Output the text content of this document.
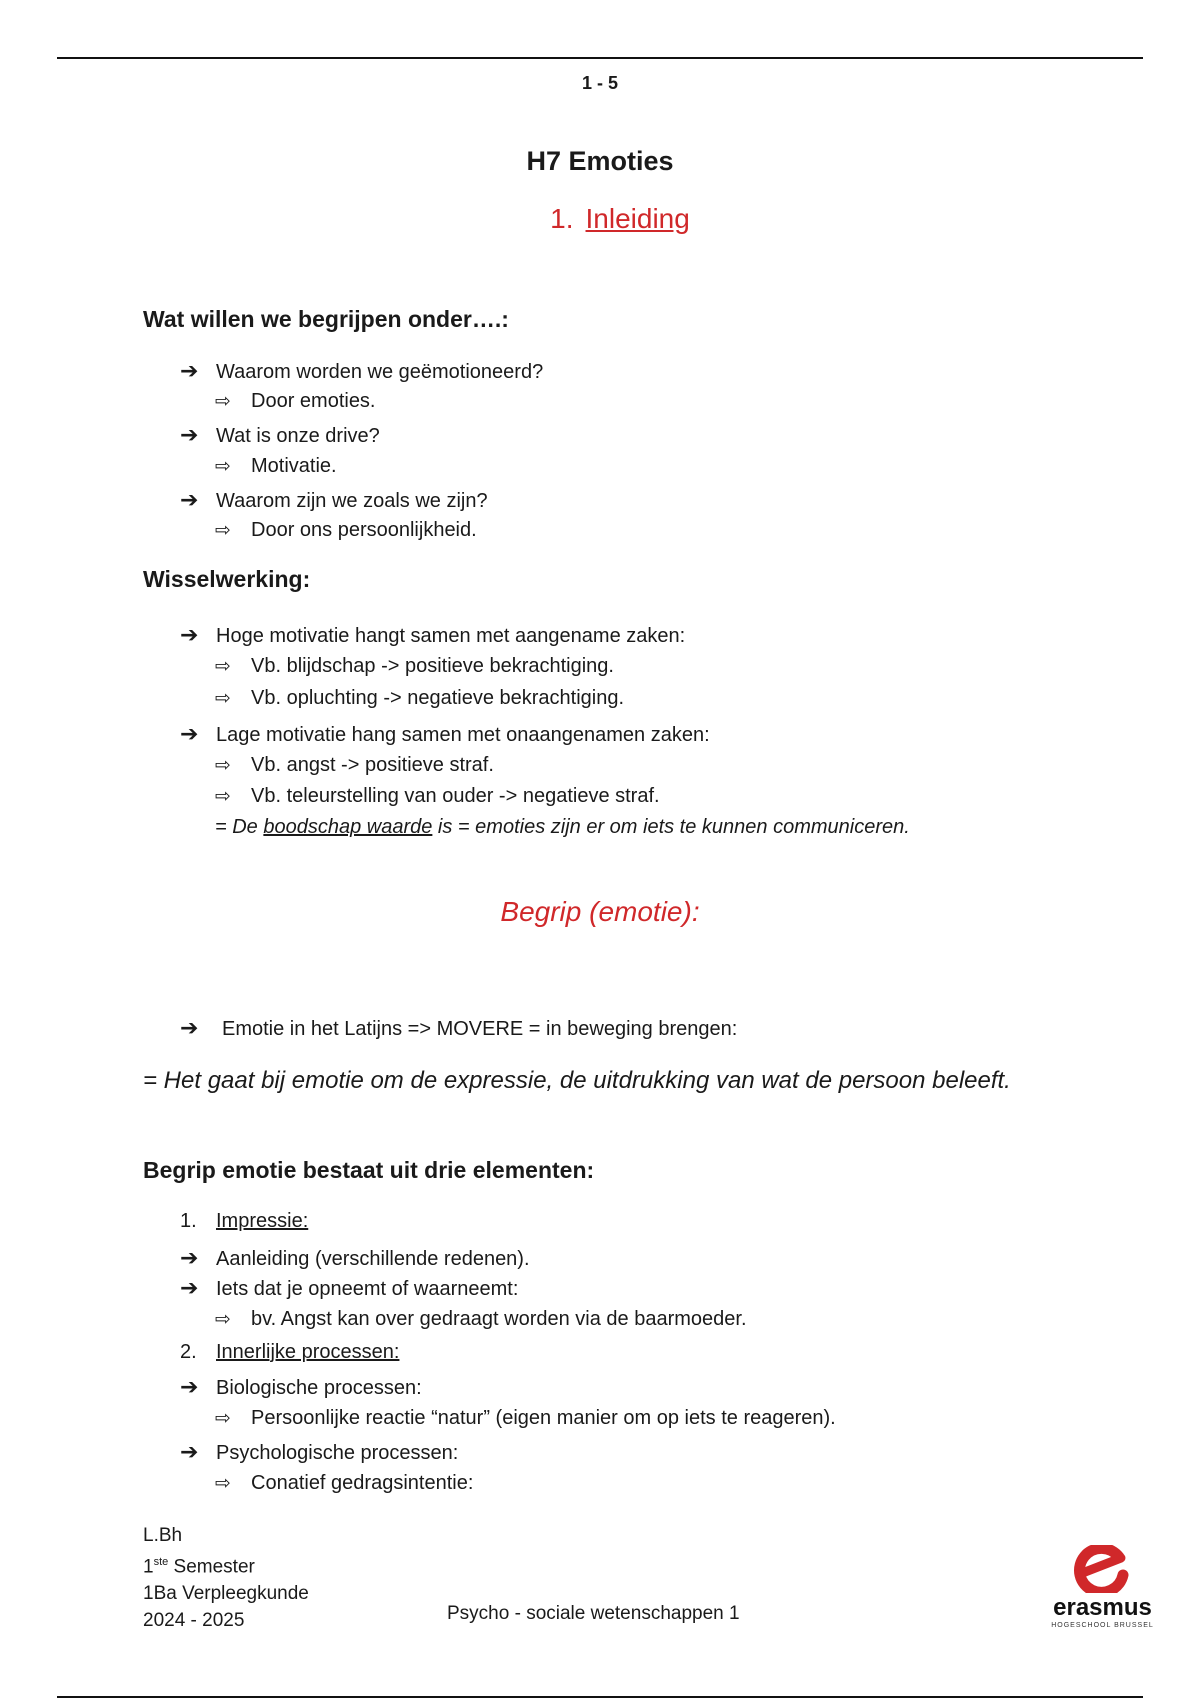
1 - 5
H7 Emoties
1. Inleiding
Wat willen we begrijpen onder….:
➔ Waarom worden we geëmotioneerd?
⇨ Door emoties.
➔ Wat is onze drive?
⇨ Motivatie.
➔ Waarom zijn we zoals we zijn?
⇨ Door ons persoonlijkheid.
Wisselwerking:
➔ Hoge motivatie hangt samen met aangename zaken:
⇨ Vb. blijdschap -> positieve bekrachtiging.
⇨ Vb. opluchting -> negatieve bekrachtiging.
➔ Lage motivatie hang samen met onaangenamen zaken:
⇨ Vb. angst -> positieve straf.
⇨ Vb. teleurstelling van ouder -> negatieve straf.
= De boodschap waarde is = emoties zijn er om iets te kunnen communiceren.
Begrip (emotie):
➔ Emotie in het Latijns => MOVERE = in beweging brengen:
= Het gaat bij emotie om de expressie, de uitdrukking van wat de persoon beleeft.
Begrip emotie bestaat uit drie elementen:
1. Impressie:
➔ Aanleiding (verschillende redenen).
➔ Iets dat je opneemt of waarneemt:
⇨ bv. Angst kan over gedraagt worden via de baarmoeder.
2. Innerlijke processen:
➔ Biologische processen:
⇨ Persoonlijke reactie “natur” (eigen manier om op iets te reageren).
➔ Psychologische processen:
⇨ Conatief gedragsintentie:
L.Bh
1ste Semester
1Ba Verpleegkunde
2024 - 2025	Psycho - sociale wetenschappen 1	erasmus
HOGESCHOOL BRUSSEL
